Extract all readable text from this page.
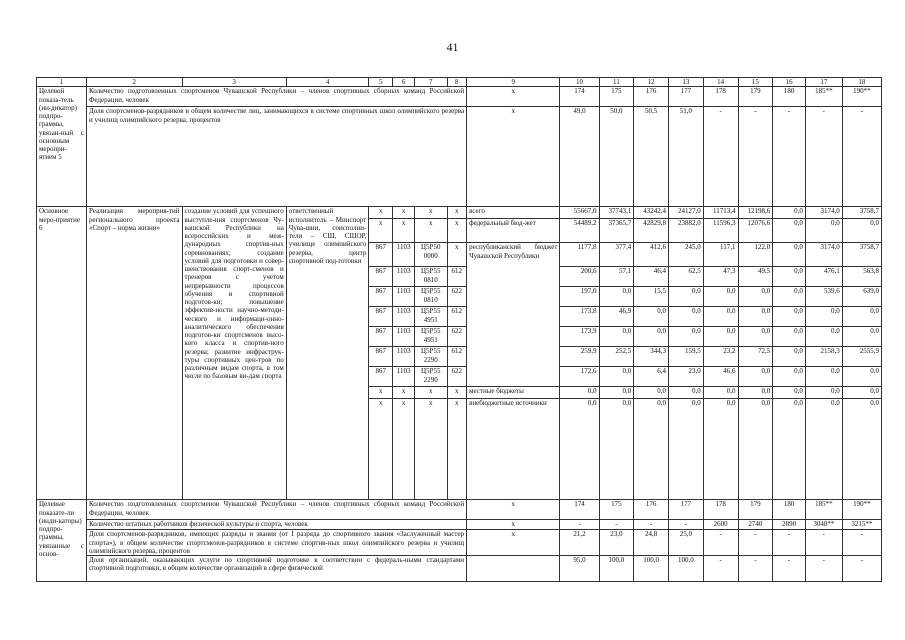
41
1	2	3	4	5	6	7	8	9	10	11	12	13	14	15	16	17	18
Целевой показа-тель (ин-дикатор) подпро-граммы, увязан-ный с основным меропри-ятием 5	Количество подготовленных спортсменов Чувашской Республики – членов спортивных сборных команд Российской Федерации, человек							x	174	175	176	177	178	179	180	185**	190**
	Доля спортсменов-разрядников в общем количестве лиц, занимающихся в системе спортивных школ олимпийского резерва и училищ олимпийского резерва, процентов							x	49,0	50,0	50,5	51,0	-	-	-	-	-
Основное меро-приятие 6	Реализация мероприя-тий регионального проекта «Спорт – норма жизни»	создание условий для успешного выступле-ния спортсменов Чу-вашской Республики на всероссийских и меж-дународных спортив-ных соревнованиях; создание условий для подготовки и совер-шенствования спорт-сменов и тренеров с учетом непрерывности процессов обучения и спортивной подготов-ки; повышение эффектив-ности научно-методи-ческого и информаци-онно-аналитического обеспечения подготов-ки спортсменов высо-кого класса и спортив-ного резерва; развитие инфраструк-туры спортивных цен-тров по различным видам спорта, в том числе по базовым ви-дам спорта	ответственный исполнитель – Минспорт Чува-шии, соисполни-тели – СШ, СШОР, училище олимпийского резерва, центр спортивной под-готовки	x	x	x	x	всего	55667,0	37743,1	43242,4	24127,0	11713,4	12198,6	0,0	3174,0	3758,7
				x	x	x	x	федеральный бюд-жет	54489,2	37365,7	42829,8	23882,0	11596,3	12076,6	0,0	0,0	0,0
				867	1103	Ц5Р50 0000	x	республиканский бюджет Чувашской Республики	1177,8	377,4	412,6	245,0	117,1	122,0	0,0	3174,0	3758,7
				867	1103	Ц5Р55 0810	612		200,6	57,1	46,4	62,5	47,3	49,5	0,0	476,1	563,8
				867	1103	Ц5Р55 0810	622		197,0	0,0	15,5	0,0	0,0	0,0	0,0	539,6	639,0
				867	1103	Ц5Р55 4951	612		173,8	46,9	0,0	0,0	0,0	0,0	0,0	0,0	0,0
				867	1103	Ц5Р55 4951	622		173,9	0,0	0,0	0,0	0,0	0,0	0,0	0,0	0,0
				867	1103	Ц5Р55 2290	612		259,9	252,5	344,3	159,5	23,2	72,5	0,0	2158,3	2555,9
				867	1103	Ц5Р55 2290	622		172,6	0,0	6,4	23,0	46,6	0,0	0,0	0,0	0,0
				x	x	x	x	местные бюджеты	0,0	0,0	0,0	0,0	0,0	0,0	0,0	0,0	0,0
				x	x	x	x	внебюджетные источники	0,0	0,0	0,0	0,0	0,0	0,0	0,0	0,0	0,0
Целевые показате-ли (инди-каторы) подпро-граммы, увязанные с основ-	Количество подготовленных спортсменов Чувашской Республики – членов спортивных сборных команд Российской Федерации, человек							x	174	175	176	177	178	179	180	185**	190**
	Количество штатных работников физической культуры и спорта, человек							x	-	-	-	-	2600	2740	2890	3048**	3215**
	Доля спортсменов-разрядников, имеющих разряды и звания (от I разряда до спортивного звания «Заслуженный мастер спорта»), в общем количестве спортсменов-разрядников в системе спортив-ных школ олимпийского резерва и училищ олимпийского резерва, процентов							x	21,2	23,0	24,8	25,0	-	-	-	-	-
	Доля организаций, оказывающих услуги по спортивной подготовке в соответствии с федераль-ными стандартами спортивной подготовки, в общем количестве организаций в сфере физической								95,0	100,0	100,0	100,0	-	-	-	-	-
